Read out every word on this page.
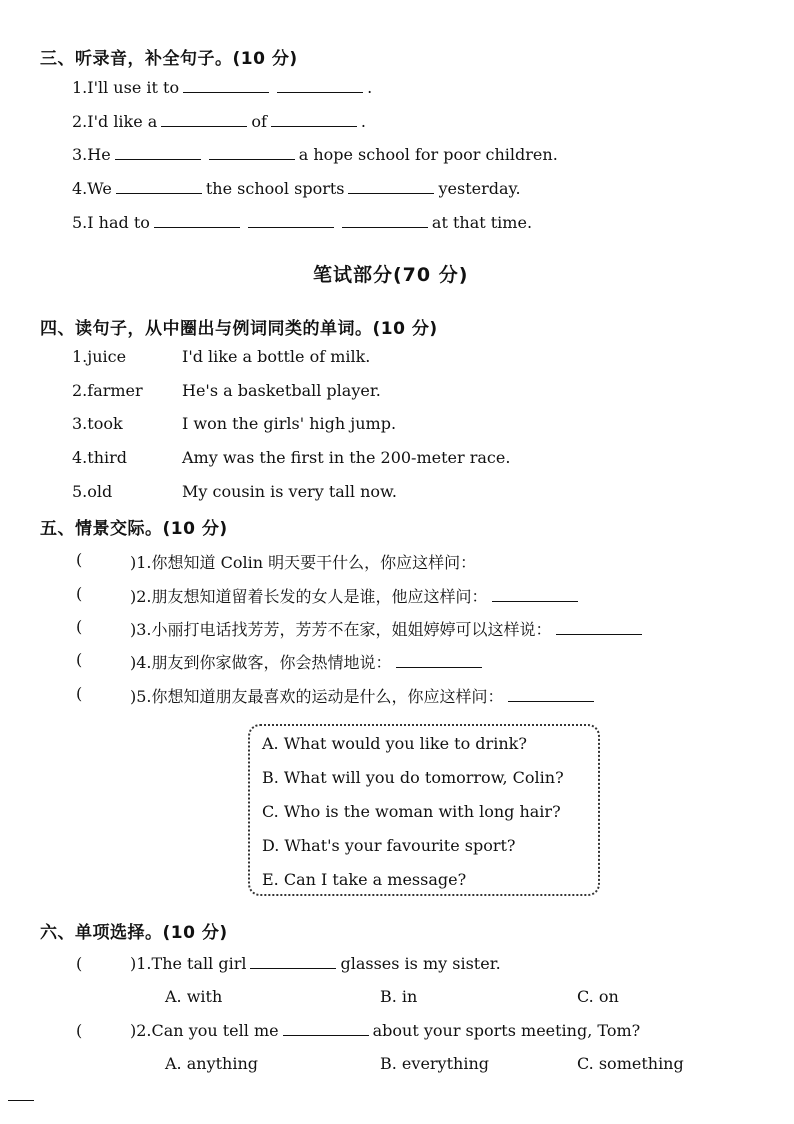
三、听录音，补全句子。(10 分)
1.I'll use it to	.
2.I'd like a	of	.
3.He	a hope school for poor children.
4.We	the school sports	yesterday.
5.I had to	at that time.
笔试部分(70 分)
四、读句子，从中圈出与例词同类的单词。(10 分)
1.juice	I'd like a bottle of milk.
2.farmer He's a basketball player.
3.took	I won the girls' high jump.
4.third	Amy was the first in the 200-meter race.
5.old	My cousin is very tall now.
五、情景交际。(10 分)
(	)1.你想知道 Colin 明天要干什么，你应这样问：
(	)2.朋友想知道留着长发的女人是谁，他应这样问：
(	)3.小丽打电话找芳芳，芳芳不在家，姐姐婷婷可以这样说：
(	)4.朋友到你家做客，你会热情地说：
(	)5.你想知道朋友最喜欢的运动是什么，你应这样问：
A. What would you like to drink?
B. What will you do tomorrow, Colin?
C. Who is the woman with long hair?
D. What's your favourite sport?
E. Can I take a message?
六、单项选择。(10 分)
(	)1.The tall girl	glasses is my sister.
A. with	B. in	C. on
(	)2.Can you tell me	about your sports meeting, Tom?
A. anything	B. everything	C. something
